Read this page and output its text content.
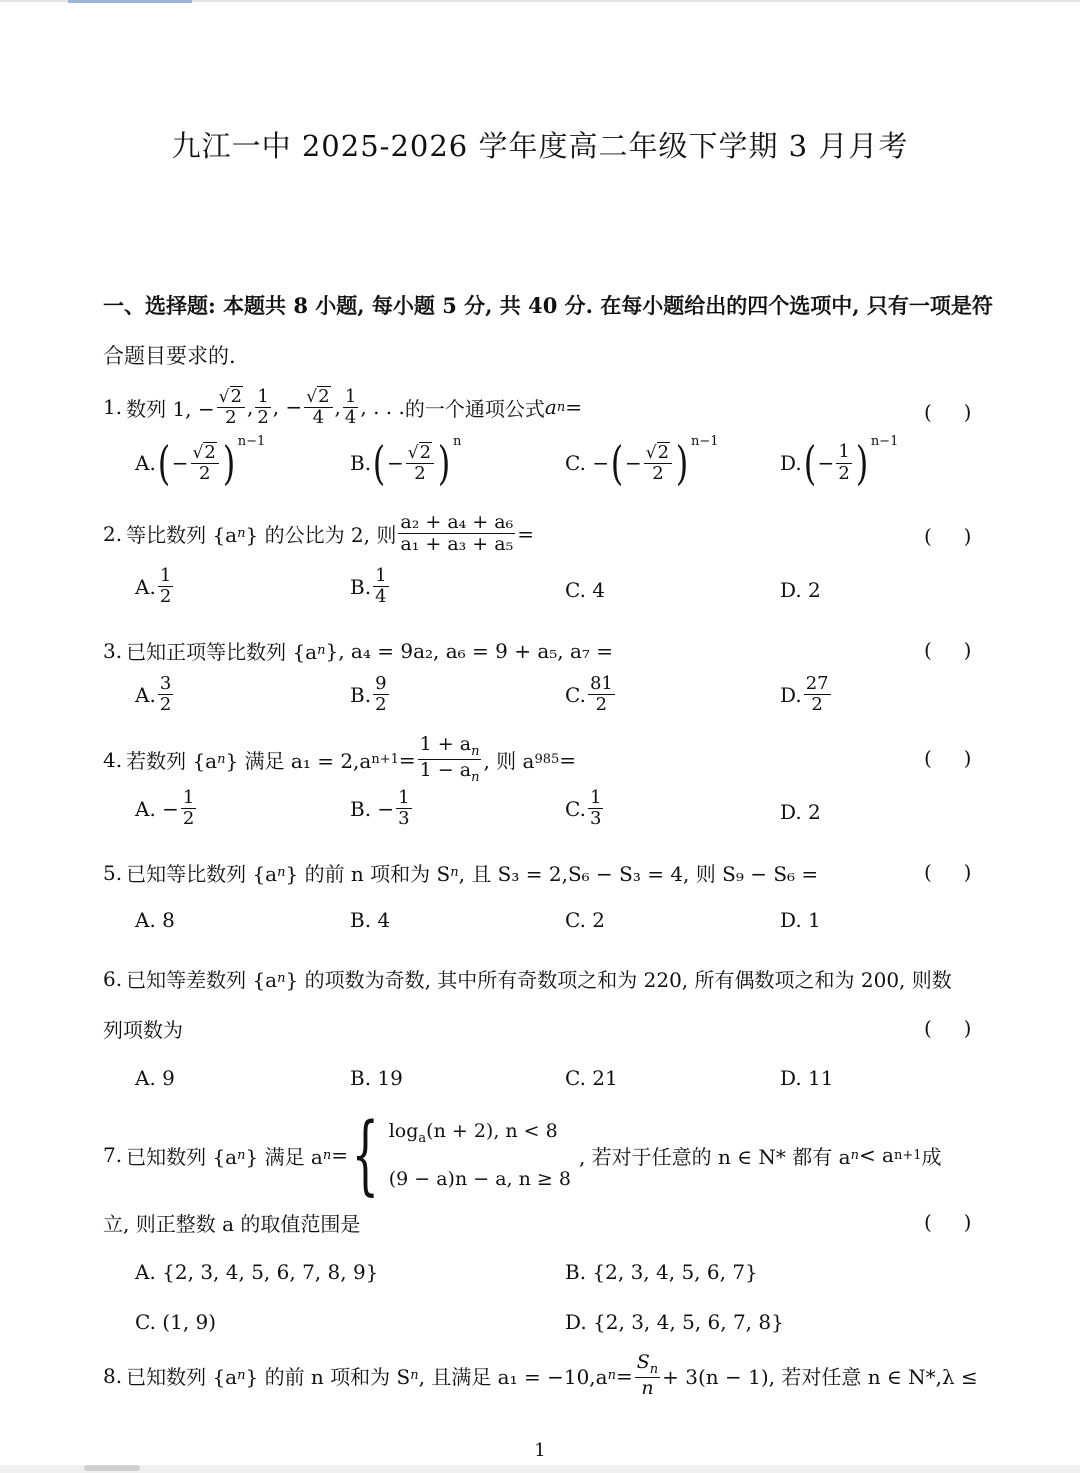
九江一中 2025-2026 学年度高二年级下学期 3 月月考
一、选择题: 本题共 8 小题, 每小题 5 分, 共 40 分. 在每小题给出的四个选项中, 只有一项是符
合题目要求的.
1. 数列 1, − $\frac{√ 2}{2}$ , $\frac{1}{2}$ , − $\frac{√ 2}{4}$ , $\frac{1}{4}$ , . . . 的一个通项公式 a n =	(     )
A. ( − $\frac{√ 2}{2}$ ) n−1
B. ( − $\frac{√ 2}{2}$ ) n
C.
− ( − $\frac{√ 2}{2}$ ) n−1
D. ( − $\frac{1}{2}$ ) n−1
2. 等比数列 {a n } 的公比为 2, 则 $\frac{\text{a₂ + a₄ + a₆}}{\text{a₁ + a₃ + a₅}}$ =	(     )
A. $\frac{1}{2}$	B. $\frac{1}{4}$	C. 4	D. 2
3. 已知正项等比数列 {a n }, a₄ = 9a₂, a₆ = 9 + a₅, a₇ =	(     )
A. $\frac{3}{2}$	B. $\frac{9}{2}$	C. $\frac{81}{2}$	D. $\frac{27}{2}$
4. 若数列 {a n } 满足 a₁ = 2,a $n+1 = \frac{1 + a_n}{1 - a_n}$ , 则 a 985 =	(     )
A. − $\frac{1}{2}$	B. − $\frac{1}{3}$	C. $\frac{1}{3}$	D. 2
5. 已知等比数列 {a n } 的前 n 项和为 S n , 且 S₃ = 2,S₆ − S₃ = 4, 则 S₉ − S₆ =	(     )
A. 8	B. 4	C. 2	D. 1
6. 已知等差数列 {a n } 的项数为奇数, 其中所有奇数项之和为 220, 所有偶数项之和为 200, 则数
列项数为	(     )
A. 9	B. 19	C. 21	D. 11
7. 已知数列 {a n } 满足 a n = { $\log_a(n + 2)$, n < 8
(9 − a)n − a, n ≥ 8
, 若对于任意的 n ∈ N* 都有 a n < a n+1 成
立, 则正整数 a 的取值范围是	(     )
A. {2, 3, 4, 5, 6, 7, 8, 9}	B. {2, 3, 4, 5, 6, 7}
C. (1, 9)	D. {2, 3, 4, 5, 6, 7, 8}
8. 已知数列 {a n } 的前 n 项和为 S n , 且满足 a₁ = −10,a $n = \frac{S_n}{n} + 3(n - 1)$, 若对任意 n ∈ N*,λ ≤
1
